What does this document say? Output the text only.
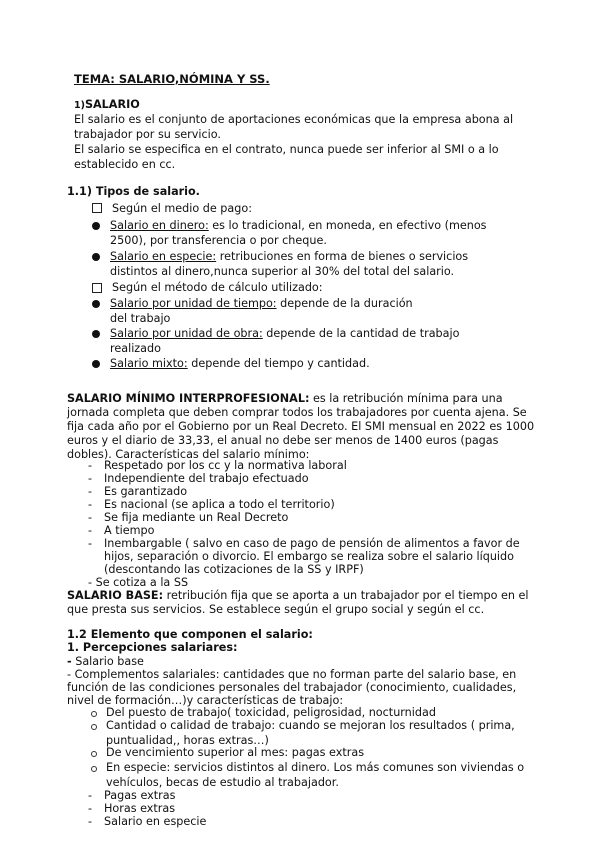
TEMA: SALARIO,NÓMINA Y SS.
1)SALARIO
El salario es el conjunto de aportaciones económicas que la empresa abona al
trabajador por su servicio.
El salario se especifica en el contrato, nunca puede ser inferior al SMI o a lo
establecido en cc.
1.1) Tipos de salario.
Según el medio de pago:
Salario en dinero: es lo tradicional, en moneda, en efectivo (menos
2500), por transferencia o por cheque.
Salario en especie: retribuciones en forma de bienes o servicios
distintos al dinero,nunca superior al 30% del total del salario.
Según el método de cálculo utilizado:
Salario por unidad de tiempo: depende de la duración
del trabajo
Salario por unidad de obra: depende de la cantidad de trabajo
realizado
Salario mixto: depende del tiempo y cantidad.
SALARIO MÍNIMO INTERPROFESIONAL: es la retribución mínima para una
jornada completa que deben comprar todos los trabajadores por cuenta ajena. Se
fija cada año por el Gobierno por un Real Decreto. El SMI mensual en 2022 es 1000
euros y el diario de 33,33, el anual no debe ser menos de 1400 euros (pagas
dobles). Características del salario mínimo:
- Respetado por los cc y la normativa laboral
- Independiente del trabajo efectuado
- Es garantizado
- Es nacional (se aplica a todo el territorio)
- Se fija mediante un Real Decreto
- A tiempo
- Inembargable ( salvo en caso de pago de pensión de alimentos a favor de
hijos, separación o divorcio. El embargo se realiza sobre el salario líquido
(descontando las cotizaciones de la SS y IRPF)
- Se cotiza a la SS
SALARIO BASE: retribución fija que se aporta a un trabajador por el tiempo en el
que presta sus servicios. Se establece según el grupo social y según el cc.
1.2 Elemento que componen el salario:
1. Percepciones salariares:
- Salario base
- Complementos salariales: cantidades que no forman parte del salario base, en
función de las condiciones personales del trabajador (conocimiento, cualidades,
nivel de formación…)y características de trabajo:
Del puesto de trabajo( toxicidad, peligrosidad, nocturnidad
Cantidad o calidad de trabajo: cuando se mejoran los resultados ( prima,
puntualidad,, horas extras…)
De vencimiento superior al mes: pagas extras
En especie: servicios distintos al dinero. Los más comunes son viviendas o
vehículos, becas de estudio al trabajador.
- Pagas extras
- Horas extras
- Salario en especie
